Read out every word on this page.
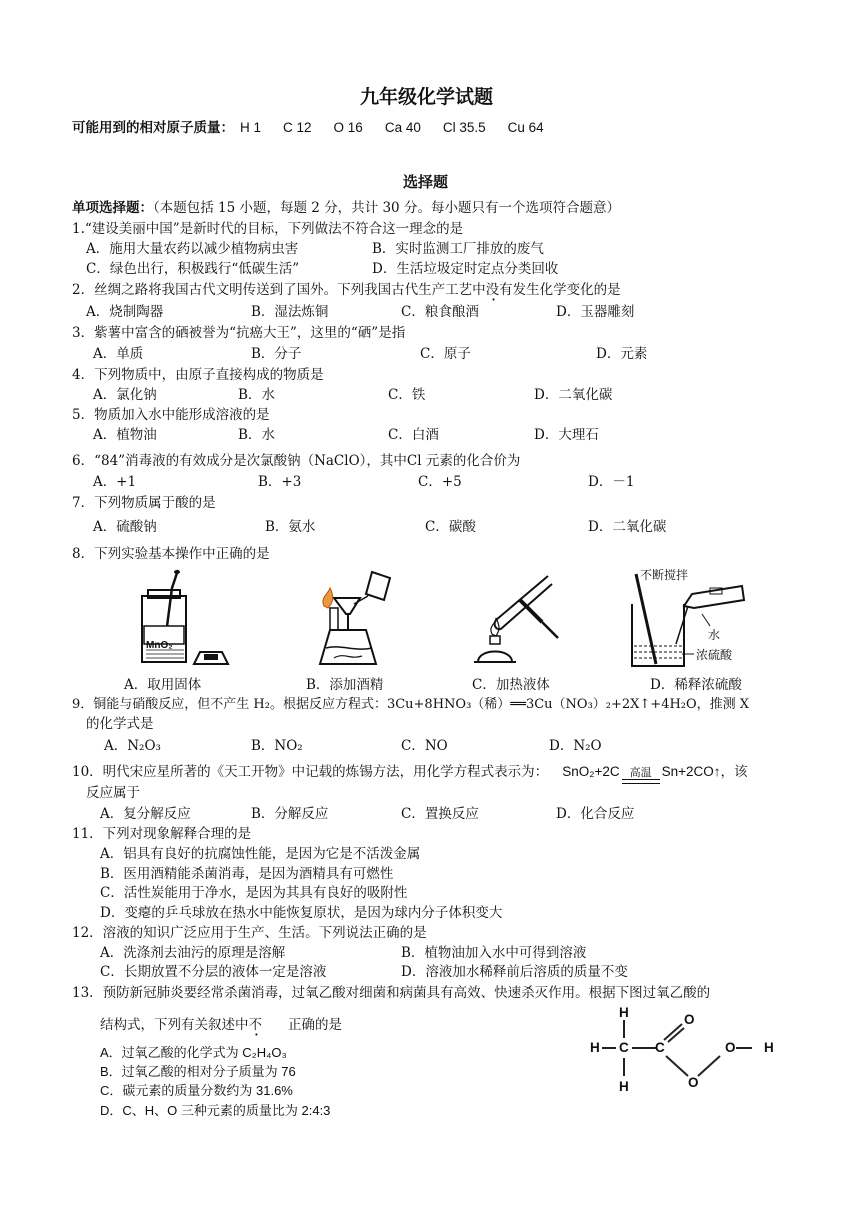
九年级化学试题
可能用到的相对原子质量： H 1 C 12 O 16 Ca 40 Cl 35.5 Cu 64
选择题
单项选择题：（本题包括 15 小题，每题 2 分，共计 30 分。每小题只有一个选项符合题意）
1.“建设美丽中国”是新时代的目标，下列做法不符合这一理念的是
A．施用大量农药以减少植物病虫害	B．实时监测工厂排放的废气
C．绿色出行，积极践行“低碳生活”	D．生活垃圾定时定点分类回收
2．丝绸之路将我国古代文明传送到了国外。下列我国古代生产工艺中没有发生化学变化的是
A．烧制陶器	B．湿法炼铜	C．粮食酿酒	D．玉器雕刻
3．紫薯中富含的硒被誉为“抗癌大王”，这里的“硒”是指
A．单质	B．分子	C．原子	D．元素
4．下列物质中，由原子直接构成的物质是
A．氯化钠	B．水	C．铁	D．二氧化碳
5．物质加入水中能形成溶液的是
A．植物油	B．水	C．白酒	D．大理石
6．“84”消毒液的有效成分是次氯酸钠（NaClO），其中Cl 元素的化合价为
A．+1	B．+3	C．+5	D．－1
7．下列物质属于酸的是
A．硫酸钠	B．氨水	C．碳酸	D．二氧化碳
8．下列实验基本操作中正确的是
MnO₂
不断搅拌
水
浓硫酸
A．取用固体	B．添加酒精	C．加热液体	D．稀释浓硫酸
9．铜能与硝酸反应，但不产生 H₂。根据反应方程式：3Cu+8HNO₃（稀）══3Cu（NO₃）₂+2X↑+4H₂O，推测 X
的化学式是
A．N₂O₃	B．NO₂	C．NO	D．N₂O
10．明代宋应星所著的《天工开物》中记载的炼锡方法，用化学方程式表示为： SnO₂+2C 高温 Sn+2CO↑，该
反应属于
A．复分解反应	B．分解反应	C．置换反应	D．化合反应
11．下列对现象解释合理的是
A．铝具有良好的抗腐蚀性能，是因为它是不活泼金属
B．医用酒精能杀菌消毒，是因为酒精具有可燃性
C．活性炭能用于净水，是因为其具有良好的吸附性
D．变瘪的乒乓球放在热水中能恢复原状，是因为球内分子体积变大
12．溶液的知识广泛应用于生产、生活。下列说法正确的是
A．洗涤剂去油污的原理是溶解	B．植物油加入水中可得到溶液
C．长期放置不分层的液体一定是溶液	D．溶液加水稀释前后溶质的质量不变
13．预防新冠肺炎要经常杀菌消毒，过氧乙酸对细菌和病菌具有高效、快速杀灭作用。根据下图过氧乙酸的
结构式，下列有关叙述中不 正确的是
A．过氧乙酸的化学式为 C₂H₄O₃
B．过氧乙酸的相对分子质量为 76
C．碳元素的质量分数约为 31.6%
D．C、H、O 三种元素的质量比为 2:4:3
H
H C
H
C
O
O
O H
